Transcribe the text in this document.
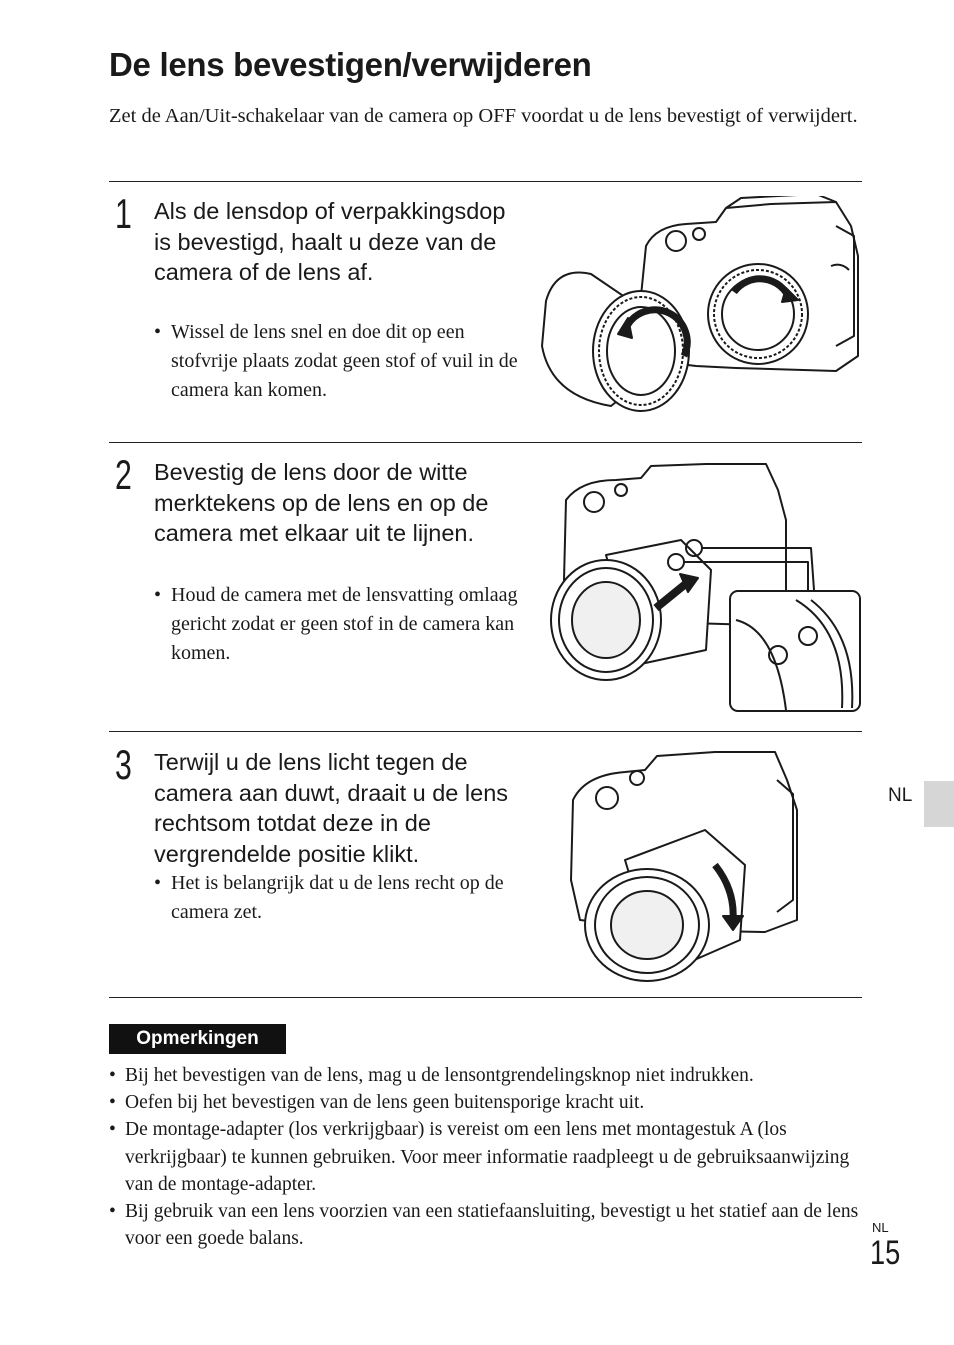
De lens bevestigen/verwijderen
Zet de Aan/Uit-schakelaar van de camera op OFF voordat u de lens bevestigt of verwijdert.
1 Als de lensdop of verpakkingsdop is bevestigd, haalt u deze van de camera of de lens af.
• Wissel de lens snel en doe dit op een stofvrije plaats zodat geen stof of vuil in de camera kan komen.
2 Bevestig de lens door de witte merktekens op de lens en op de camera met elkaar uit te lijnen.
• Houd de camera met de lensvatting omlaag gericht zodat er geen stof in de camera kan komen.
3 Terwijl u de lens licht tegen de camera aan duwt, draait u de lens rechtsom totdat deze in de vergrendelde positie klikt.
• Het is belangrijk dat u de lens recht op de camera zet.
Opmerkingen
• Bij het bevestigen van de lens, mag u de lensontgrendelingsknop niet indrukken.
• Oefen bij het bevestigen van de lens geen buitensporige kracht uit.
• De montage-adapter (los verkrijgbaar) is vereist om een lens met montagestuk A (los verkrijgbaar) te kunnen gebruiken. Voor meer informatie raadpleegt u de gebruiksaanwijzing van de montage-adapter.
• Bij gebruik van een lens voorzien van een statiefaansluiting, bevestigt u het statief aan de lens voor een goede balans.
NL
NL
15
